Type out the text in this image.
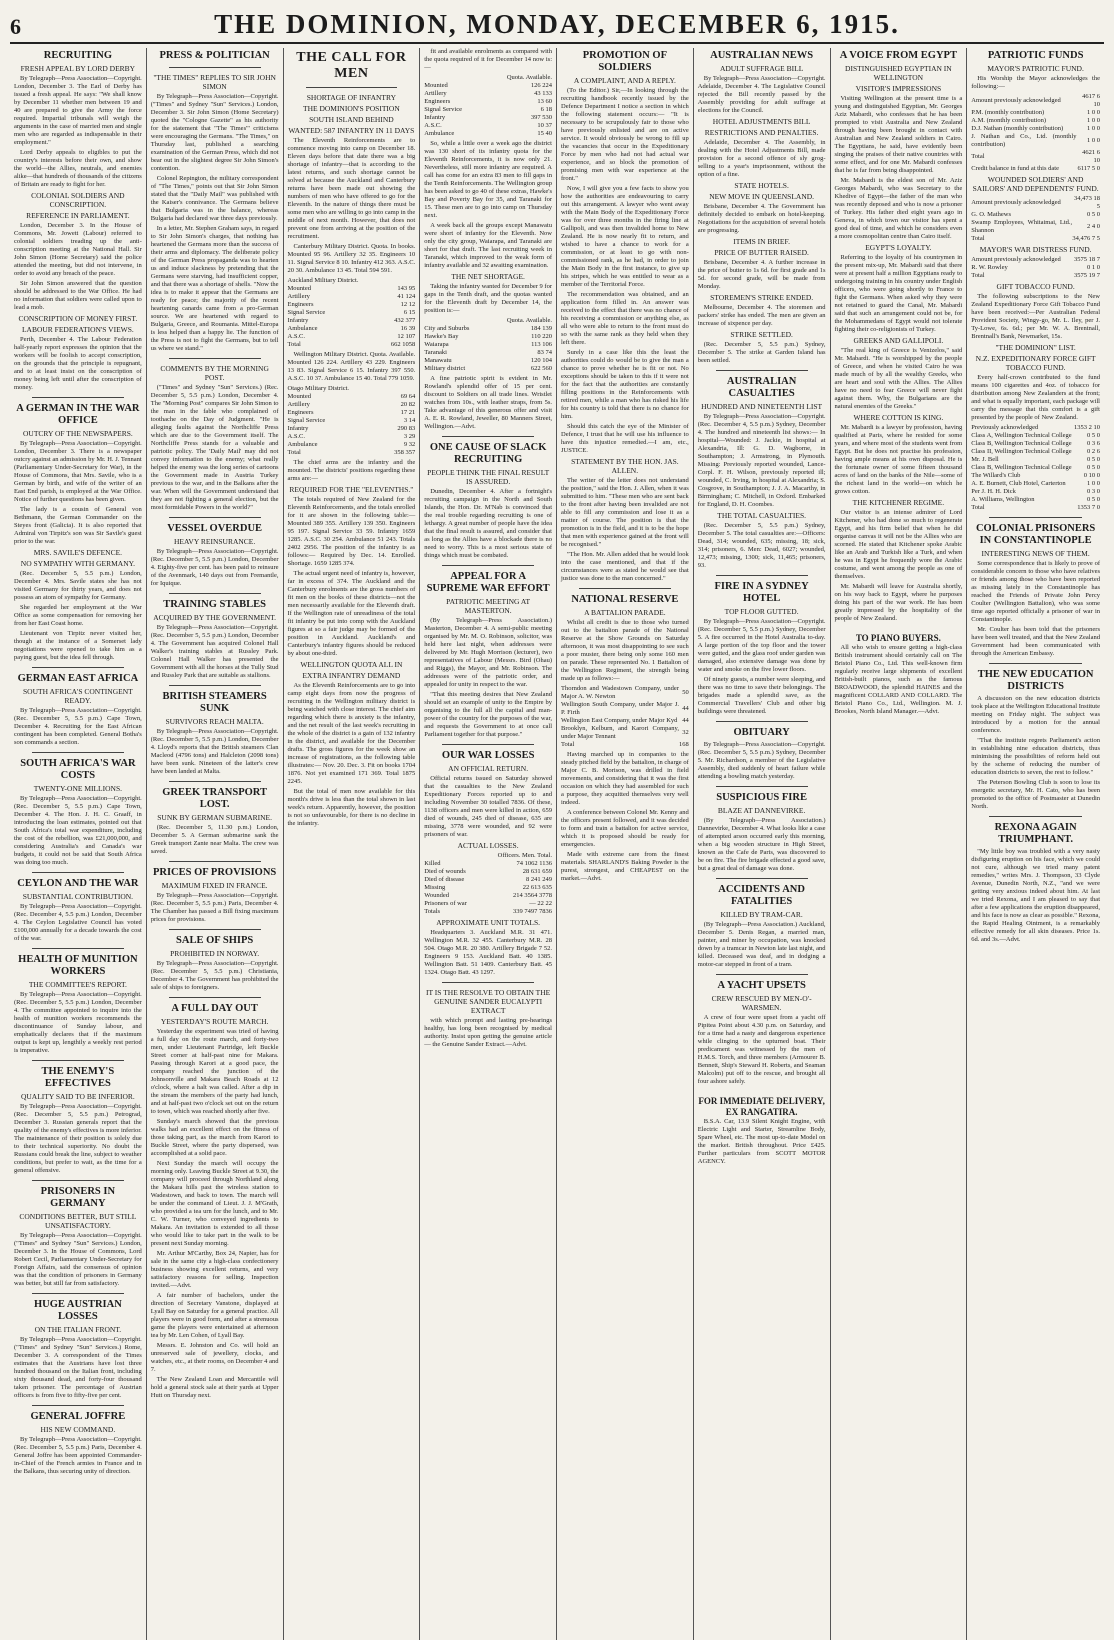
6	THE DOMINION, MONDAY, DECEMBER 6, 1915.
RECRUITING
FRESH APPEAL BY LORD DERBY
By Telegraph—Press Association—Copyright. London, December 3. The Earl of Derby has issued a fresh appeal. He says: "We shall know by December 11 whether men between 19 and 40 are prepared to give the Army the force required. Impartial tribunals will weigh the arguments in the case of married men and single men who are regarded as indispensable in their employment."
Lord Derby appeals to eligibles to put the country's interests before their own, and show the world—the Allies, neutrals, and enemies alike—that hundreds of thousands of the citizens of Britain are ready to fight for her.
COLONIAL SOLDIERS AND CONSCRIPTION.
REFERENCE IN PARLIAMENT.
London, December 3. In the House of Commons, Mr. Jowett (Labour) referred to colonial soldiers treading up the anti-conscription meeting at the National Hall. Sir John Simon (Home Secretary) said the police attended the meeting, but did not intervene, in order to avoid any breach of the peace.
Sir John Simon answered that the question should be addressed to the War Office. He had no information that soldiers were called upon to lead a mob.
CONSCRIPTION OF MONEY FIRST.
LABOUR FEDERATION'S VIEWS.
Perth, December 4. The Labour Federation half-yearly report expresses the opinion that the workers will be foolish to accept conscription, on the grounds that the principle is repugnant, and to at least insist on the conscription of money being left until after the conscription of money.
A GERMAN IN THE WAR OFFICE
OUTCRY OF THE NEWSPAPERS.
By Telegraph—Press Association—Copyright. London, December 3. There is a newspaper outcry against an admission by Mr. H. J. Tennant (Parliamentary Under-Secretary for War), in the House of Commons, that Mrs. Savile, who is a German by birth, and wife of the writer of an East End parish, is employed at the War Office. Notice of further questions has been given.
The lady is a cousin of General von Bethmann, the German Commander on the Steyes front (Galicia). It is also reported that Admiral von Tirpitz's son was Sir Savile's guest prior to the war.
MRS. SAVILE'S DEFENCE.
NO SYMPATHY WITH GERMANY.
(Rec. December 5, 5.5 p.m.) London, December 4. Mrs. Savile states she has not visited Germany for thirty years, and does not possess an atom of sympathy for Germany.
She regarded her employment at the War Office as some compensation for removing her from her East Coast home.
Lieutenant von Tirpitz never visited her, though at the instance of a Somerset lady negotiations were opened to take him as a paying guest, but the idea fell through.
GERMAN EAST AFRICA
SOUTH AFRICA'S CONTINGENT READY.
By Telegraph—Press Association—Copyright. (Rec. December 5, 5.5 p.m.) Cape Town, December 4. Recruiting for the East African contingent has been completed. General Botha's son commands a section.
SOUTH AFRICA'S WAR COSTS
TWENTY-ONE MILLIONS.
By Telegraph—Press Association—Copyright. (Rec. December 5, 5.5 p.m.) Cape Town, December 4. The Hon. J. H. C. Graaff, in introducing the loan estimates, pointed out that South Africa's total war expenditure, including the cost of the rebellion, was £21,000,000, and considering Australia's and Canada's war budgets, it could not be said that South Africa was doing too much.
CEYLON AND THE WAR
SUBSTANTIAL CONTRIBUTION.
By Telegraph—Press Association—Copyright. (Rec. December 4, 5.5 p.m.) London, December 4. The Ceylon Legislative Council has voted £100,000 annually for a decade towards the cost of the war.
HEALTH OF MUNITION WORKERS
THE COMMITTEE'S REPORT.
By Telegraph—Press Association—Copyright. (Rec. December 5, 5.5 p.m.) London, December 4. The committee appointed to inquire into the health of munition workers recommends the discontinuance of Sunday labour, and emphatically declares that if the maximum output is kept up, lengthily a weekly rest period is imperative.
THE ENEMY'S EFFECTIVES
QUALITY SAID TO BE INFERIOR.
By Telegraph—Press Association—Copyright. (Rec. December 5, 5.5 p.m.) Petrograd, December 3. Russian generals report that the quality of the enemy's effectives is more inferior. The maintenance of their position is solely due to their technical superiority. No doubt the Russians could break the line, subject to weather conditions, but prefer to wait, as the time for a general offensive.
PRISONERS IN GERMANY
CONDITIONS BETTER, BUT STILL UNSATISFACTORY.
By Telegraph—Press Association—Copyright. ("Times" and Sydney "Sun" Services.) London, December 3. In the House of Commons, Lord Robert Cecil, Parliamentary Under-Secretary for Foreign Affairs, said the consensus of opinion was that the condition of prisoners in Germany was better, but still far from satisfactory.
HUGE AUSTRIAN LOSSES
ON THE ITALIAN FRONT.
By Telegraph—Press Association—Copyright. ("Times" and Sydney "Sun" Services.) Rome, December 3. A correspondent of the Times estimates that the Austrians have lost three hundred thousand on the Italian front, including sixty thousand dead, and forty-four thousand taken prisoner. The percentage of Austrian officers is from five to fifty-five per cent.
GENERAL JOFFRE
HIS NEW COMMAND.
By Telegraph—Press Association—Copyright. (Rec. December 5, 5.5 p.m.) Paris, December 4. General Joffre has been appointed Commander-in-Chief of the French armies in France and in the Balkans, thus securing unity of direction.
PRESS & POLITICIAN
"THE TIMES" REPLIES TO SIR JOHN SIMON
By Telegraph—Press Association—Copyright. ("Times" and Sydney "Sun" Services.) London, December 3. Sir John Simon (Home Secretary) quoted the "Cologne Gazette" as his authority for the statement that "The Times'" criticisms were encouraging the Germans. "The Times," on Thursday last, published a searching examination of the German Press, which did not bear out in the slightest degree Sir John Simon's contention.
Colonel Repington, the military correspondent of "The Times," points out that Sir John Simon stated that the "Daily Mail" was published with the Kaiser's connivance. The Germans believe that Bulgaria was in the balance, whereas Bulgaria had declared war three days previously.
In a letter, Mr. Stephen Graham says, in regard to Sir John Simon's charges, that nothing has heartened the Germans more than the success of their arms and diplomacy. The deliberate policy of the German Press propaganda was to hearten us and induce slackness by pretending that the Germans were starving, had insufficient copper, and that there was a shortage of shells. "Now the idea is to make it appear that the Germans are ready for peace; the majority of the recent heartening canards came from a pro-German source. We are heartened with regard to Bulgaria, Greece, and Roumania. Mittel-Europa is less helped than a happy lie. The function of the Press is not to fight the Germans, but to tell us where we stand."
COMMENTS BY THE MORNING POST.
("Times" and Sydney "Sun" Services.) (Rec. December 5, 5.5 p.m.) London, December 4. The "Morning Post" compares Sir John Simon to the man in the fable who complained of toothache on the Day of Judgment. "He is alleging faults against the Northcliffe Press which are due to the Government itself. The Northcliffe Press stands for a valuable and patriotic policy. The 'Daily Mail' may did not convey information to the enemy; what really helped the enemy was the long series of cartoons the Government made in Austria Turkey previous to the war, and in the Balkans after the war. When will the Government understand that they are not fighting a general election, but the most formidable Powers in the world?"
VESSEL OVERDUE
HEAVY REINSURANCE.
By Telegraph—Press Association—Copyright. (Rec. December 5, 5.5 p.m.) London, December 4. Eighty-five per cent. has been paid to reinsure of the Avenmark, 140 days out from Fremantle, for Iquique.
TRAINING STABLES
ACQUIRED BY THE GOVERNMENT.
By Telegraph—Press Association—Copyright. (Rec. December 5, 5.5 p.m.) London, December 4. The Government has acquired Colonel Hall Walker's training stables at Russley Park. Colonel Hall Walker has presented the Government with all the horses at the Tully Stud and Russley Park that are suitable as stallions.
BRITISH STEAMERS SUNK
SURVIVORS REACH MALTA.
By Telegraph—Press Association—Copyright. (Rec. December 5, 5.5 p.m.) London, December 4. Lloyd's reports that the British steamers Clan Macleod (4796 tons) and Halcleton (2098 tons) have been sunk. Nineteen of the latter's crew have been landed at Malta.
GREEK TRANSPORT LOST.
SUNK BY GERMAN SUBMARINE.
(Rec. December 5, 11.30 p.m.) London, December 5. A German submarine sank the Greek transport Zante near Malta. The crew was saved.
PRICES OF PROVISIONS
MAXIMUM FIXED IN FRANCE.
By Telegraph—Press Association—Copyright. (Rec. December 5, 5.5 p.m.) Paris, December 4. The Chamber has passed a Bill fixing maximum prices for provisions.
SALE OF SHIPS
PROHIBITED IN NORWAY.
By Telegraph—Press Association—Copyright. (Rec. December 5, 5.5 p.m.) Christiania, December 4. The Government has prohibited the sale of ships to foreigners.
A FULL DAY OUT
YESTERDAY'S ROUTE MARCH.
Yesterday the experiment was tried of having a full day on the route march, and forty-two men, under Lieutenant Partridge, left Buckle Street corner at half-past nine for Makara. Passing through Karori at a good pace, the company reached the junction of the Johnsonville and Makara Beach Roads at 12 o'clock, where a halt was called. After a dip in the stream the members of the party had lunch, and at half-past two o'clock set out on the return to town, which was reached shortly after five.
Sunday's march showed that the previous walks had an excellent effect on the fitness of those taking part, as the march from Karori to Buckle Street, where the party dispersed, was accomplished at a solid pace.
Next Sunday the march will occupy the morning only. Leaving Buckle Street at 9.30, the company will proceed through Northland along the Makara hills past the wireless station to Wadestown, and back to town. The march will be under the command of Lieut. J. J. M'Grath, who provided a tea urn for the lunch, and to Mr. C. W. Turner, who conveyed ingredients to Makara. An invitation is extended to all those who would like to take part in the walk to be present next Sunday morning.
Mr. Arthur M'Carthy, Box 24, Napier, has for sale in the same city a high-class confectionery business showing excellent returns, and very satisfactory reasons for selling. Inspection invited.—Advt.
A fair number of bachelors, under the direction of Secretary Vanstone, displayed at Lyall Bay on Saturday for a general practice. All players were in good form, and after a strenuous game the players were entertained at afternoon tea by Mr. Len Cohen, of Lyall Bay.
Messrs. E. Johnston and Co. will hold an unreserved sale of jewellery, clocks, and watches, etc., at their rooms, on December 4 and 7.
The New Zealand Loan and Mercantile will hold a general stock sale at their yards at Upper Hutt on Thursday next.
THE CALL FOR MEN
SHORTAGE OF INFANTRY
THE DOMINION'S POSITION
SOUTH ISLAND BEHIND
WANTED: 587 INFANTRY IN 11 DAYS
The Eleventh Reinforcements are to commence moving into camp on December 18. Eleven days before that date there was a big shortage of infantry—that is according to the latest returns, and such shortage cannot be solved at because the Auckland and Canterbury returns have been made out showing the numbers of men who have offered to go for the Eleventh. In the nature of things there must be some men who are willing to go into camp in the middle of next month. However, that does not prevent one from arriving at the position of the recruitment.
Canterbury Military District. Quota. In books. Mounted 95 96. Artillery 32 35. Engineers 10 11. Signal Service 8 10. Infantry 412 363. A.S.C. 20 30. Ambulance 13 45. Total 594 591.
Auckland Military District.	
Mounted	143 95
Artillery	41 124
Engineers	12 12
Signal Service	6 15
Infantry	432 377
Ambulance	16 39
A.S.C.	12 107
Total	662 1058
Wellington Military District. Quota. Available. Mounted 126 224. Artillery 43 229. Engineers 13 83. Signal Service 6 15. Infantry 397 550. A.S.C. 10 37. Ambulance 15 40. Total 779 1059.
Otago Military District.	
Mounted	69 64
Artillery	20 82
Engineers	17 21
Signal Service	3 14
Infantry	290 83
A.S.C.	3 29
Ambulance	9 32
Total	358 357
The chief arms are the infantry and the mounted. The districts' positions regarding these arms are:—
REQUIRED FOR THE "ELEVENTHS."
The totals required of New Zealand for the Eleventh Reinforcements, and the totals enrolled for it are shown in the following table:— Mounted 389 355. Artillery 139 350. Engineers 95 197. Signal Service 33 59. Infantry 1659 1285. A.S.C. 30 254. Ambulance 51 243. Totals 2402 2956. The position of the infantry is as follows:— Required by Dec. 14. Enrolled. Shortage. 1659 1285 374.
The actual urgent need of infantry is, however, far in excess of 374. The Auckland and the Canterbury enrolments are the gross numbers of fit men on the books of these districts—not the men necessarily available for the Eleventh draft. If the Wellington rate of unreadiness of the total fit infantry be put into comp with the Auckland figures at so a fair judge may be formed of the position in Auckland. Auckland's and Canterbury's infantry figures should be reduced by about one-third.
WELLINGTON QUOTA ALL IN
EXTRA INFANTRY DEMAND
As the Eleventh Reinforcements are to go into camp eight days from now the progress of recruiting in the Wellington military district is being watched with close interest. The chief aim regarding which there is anxiety is the infantry, and the net result of the last week's recruiting in the whole of the district is a gain of 132 infantry in the district, and available for the December drafts. The gross figures for the week show an increase of registrations, as the following table illustrates:— Nov. 20. Dec. 3. Fit on books 1704 1876. Not yet examined 171 369. Total 1875 2245.
But the total of men now available for this month's drive is less than the total shown in last week's return. Apparently, however, the position is not so unfavourable, for there is no decline in the infantry.
fit and available enrolments as compared with the quota required of it for December 14 now is:—
	Quota. Available.
Mounted	126 224
Artillery	43 133
Engineers	13 60
Signal Service	6 18
Infantry	397 530
A.S.C.	10 37
Ambulance	15 40
So, while a little over a week ago the district was 130 short of its infantry quota for the Eleventh Reinforcements, it is now only 21. Nevertheless, still more infantry are required. A call has come for an extra 83 men to fill gaps in the Tenth Reinforcements. The Wellington group has been asked to go 40 of these extras, Hawke's Bay and Poverty Bay for 35, and Taranaki for 15. These men are to go into camp on Thursday next.
A week back all the groups except Manawatu were short of infantry for the Eleventh. Now only the city group, Waiarapa, and Taranaki are short for that draft. The last recruiting week in Taranaki, which improved to the weak form of infantry available and 32 awaiting examination.
THE NET SHORTAGE.
Taking the infantry wanted for December 9 for gaps in the Tenth draft, and the quotas wanted for the Eleventh draft by December 14, the position is:—
	Quota. Available.
City and Suburbs	184 139
Hawke's Bay	110 220
Waiarapa	113 106
Taranaki	83 74
Manawatu	120 104
Military district	622 560
A fine patriotic spirit is evident in Mr. Rowland's splendid offer of 15 per cent. discount to Soldiers on all trade lines. Wristlet watches from 10s., with leather straps, from 5s. Take advantage of this generous offer and visit A. E. R. Rowland, Jeweller, 80 Manners Street, Wellington.—Advt.
ONE CAUSE OF SLACK RECRUITING
PEOPLE THINK THE FINAL RESULT IS ASSURED.
Dunedin, December 4. After a fortnight's recruiting campaign in the North and South Islands, the Hon. Dr. M'Nab is convinced that the real trouble regarding recruiting is one of lethargy. A great number of people have the idea that the final result is assured, and consider that as long as the Allies have a blockade there is no need to worry. This is a most serious state of things which must be combated.
APPEAL FOR A SUPREME WAR EFFORT
PATRIOTIC MEETING AT MASTERTON.
(By Telegraph—Press Association.) Masterton, December 4. A semi-public meeting organised by Mr. M. O. Robinson, solicitor, was held here last night, when addresses were delivered by Mr. Hugh Morrison (lecturer), two representatives of Labour (Messrs. Bird (Ohau) and Riggs), the Mayor, and Mr. Robinson. The addresses were of the patriotic order, and appealed for unity in respect to the war.
"That this meeting desires that New Zealand should set an example of unity to the Empire by organising to the full all the capital and man-power of the country for the purposes of the war, and requests the Government to at once call Parliament together for that purpose."
OUR WAR LOSSES
AN OFFICIAL RETURN.
Official returns issued on Saturday showed that the casualties to the New Zealand Expeditionary Forces reported up to and including November 30 totalled 7836. Of these, 1138 officers and men were killed in action, 659 died of wounds, 245 died of disease, 635 are missing, 3778 were wounded, and 92 were prisoners of war.
ACTUAL LOSSES.
	Officers. Men. Total.
Killed	74 1062 1136
Died of wounds	28 631 659
Died of disease	8 241 249
Missing	22 613 635
Wounded	214 3564 3778
Prisoners of war	— 22 22
Totals	339 7497 7836
APPROXIMATE UNIT TOTALS.
Headquarters 3. Auckland M.R. 31 471. Wellington M.R. 32 455. Canterbury M.R. 28 504. Otago M.R. 20 380. Artillery Brigade 7 52. Engineers 9 153. Auckland Batt. 40 1385. Wellington Batt. 51 1409. Canterbury Batt. 45 1324. Otago Batt. 43 1297.
IT IS THE RESOLVE TO OBTAIN THE GENUINE SANDER EUCALYPTI EXTRACT
with which prompt and lasting pre-hearings healthy, has long been recognised by medical authority. Insist upon getting the genuine article — the Genuine Sander Extract.—Advt.
PROMOTION OF SOLDIERS
A COMPLAINT, AND A REPLY.
(To the Editor.) Sir,—In looking through the recruiting handbook recently issued by the Defence Department I notice a section in which the following statement occurs:— "It is necessary to be scrupulously fair to those who have previously enlisted and are on active service. It would obviously be wrong to fill up the vacancies that occur in the Expeditionary Force by men who had not had actual war experience, and so block the promotion of promising men with war experience at the front."
Now, I will give you a few facts to show you how the authorities are endeavouring to carry out this arrangement. A lawyer who went away with the Main Body of the Expeditionary Force was for over three months in the firing line at Gallipoli, and was then invalided home to New Zealand. He is now nearly fit to return, and wished to have a chance to work for a commission, or at least to go with non-commissioned rank, as he had, in order to join the Main Body in the first instance, to give up his stripes, which he was entitled to wear as a member of the Territorial Force.
The recommendation was obtained, and an application form filled in. An answer was received to the effect that there was no chance of his receiving a commission or anything else, as all who were able to return to the front must do so with the same rank as they held when they left there.
Surely in a case like this the least the authorities could do would be to give the man a chance to prove whether he is fit or not. No exceptions should be taken to this if it were not for the fact that the authorities are constantly filling positions in the Reinforcements with retired men, while a man who has risked his life for his country is told that there is no chance for him.
Should this catch the eye of the Minister of Defence, I trust that he will use his influence to have this injustice remedied.—I am, etc., JUSTICE.
STATEMENT BY THE HON. JAS. ALLEN.
The writer of the letter does not understand the position," said the Hon. J. Allen, when it was submitted to him. "These men who are sent back to the front after having been invalided are not able to fill any commission and lose it as a matter of course. The position is that the promotion is in the field, and it is to be the hope that men with experience gained at the front will be recognised."
"The Hon. Mr. Allen added that he would look into the case mentioned, and that if the circumstances were as stated he would see that justice was done to the man concerned."
NATIONAL RESERVE
A BATTALION PARADE.
Whilst all credit is due to those who turned out to the battalion parade of the National Reserve at the Show Grounds on Saturday afternoon, it was most disappointing to see such a poor muster, there being only some 160 men on parade. These represented No. 1 Battalion of the Wellington Regiment, the strength being made up as follows:—
Thorndon and Wadestown Company, under Major A. W. Newton	50
Wellington South Company, under Major J. P. Firth	44
Wellington East Company, under Major Kyd	44
Brooklyn, Kelburn, and Karori Company, under Major Tennant	32
Total	168
Having marched up in companies to the steady pitched field by the battalion, in charge of Major C. B. Morison, was drilled in field movements, and considering that it was the first occasion on which they had assembled for such a purpose, they acquitted themselves very well indeed.
A conference between Colonel Mr. Kenny and the officers present followed, and it was decided to form and train a battalion for active service, which it is proposed should be ready for emergencies.
Made with extreme care from the finest materials. SHARLAND'S Baking Powder is the purest, strongest, and CHEAPEST on the market.—Advt.
AUSTRALIAN NEWS
ADULT SUFFRAGE BILL
By Telegraph—Press Association—Copyright. Adelaide, December 4. The Legislative Council rejected the Bill recently passed by the Assembly providing for adult suffrage at elections for the Council.
HOTEL ADJUSTMENTS BILL
RESTRICTIONS AND PENALTIES.
Adelaide, December 4. The Assembly, in dealing with the Hotel Adjustments Bill, made provision for a second offence of sly grog-selling to a year's imprisonment, without the option of a fine.
STATE HOTELS.
NEW MOVE IN QUEENSLAND.
Brisbane, December 4. The Government has definitely decided to embark on hotel-keeping. Negotiations for the acquisition of several hotels are progressing.
ITEMS IN BRIEF.
PRICE OF BUTTER RAISED.
Brisbane, December 4. A further increase in the price of butter to 1s 6d. for first grade and 1s 5d. for second grade, will be made from Monday.
STOREMEN'S STRIKE ENDED.
Melbourne, December 4. The storemen and packers' strike has ended. The men are given an increase of sixpence per day.
STRIKE SETTLED.
(Rec. December 5, 5.5 p.m.) Sydney, December 5. The strike at Garden Island has been settled.
AUSTRALIAN CASUALTIES
HUNDRED AND NINETEENTH LIST
By Telegraph—Press Association—Copyright. (Rec. December 4, 5.5 p.m.) Sydney, December 4. The hundred and nineteenth list shows:— In hospital—Wounded: J. Jackie, in hospital at Alexandria, Ill: G. D. Wagborne, in Southampton; J. Armstrong, in Plymouth. Missing: Previously reported wounded, Lance-Corpl. F. H. Wilson, previously reported ill; wounded, C. Irving, in hospital at Alexandria; S. Cosgrove, in Southampton; J. J. A. Macarthy, in Birmingham; C. Mitchell, in Oxford. Embarked for England, D. H. Coombes.
THE TOTAL CASUALTIES.
(Rec. December 5, 5.5 p.m.) Sydney, December 5. The total casualties are:—Officers: Dead, 314; wounded, 635; missing, 18; sick, 314; prisoners, 6. Men: Dead, 6027; wounded, 12,473; missing, 1300; sick, 11,465; prisoners, 93.
FIRE IN A SYDNEY HOTEL
TOP FLOOR GUTTED.
By Telegraph—Press Association—Copyright. (Rec. December 5, 5.5 p.m.) Sydney, December 5. A fire occurred in the Hotel Australia to-day. A large portion of the top floor and the tower were gutted, and the glass roof under garden was damaged, also extensive damage was done by water and smoke on the five lower floors.
Of ninety guests, a number were sleeping, and there was no time to save their belongings. The brigades made a splendid save, as the Commercial Travellers' Club and other big buildings were threatened.
OBITUARY
By Telegraph—Press Association—Copyright. (Rec. December 5, 5.5 p.m.) Sydney, December 5. Mr. Richardson, a member of the Legislative Assembly, died suddenly of heart failure while attending a bowling match yesterday.
SUSPICIOUS FIRE
BLAZE AT DANNEVIRKE.
(By Telegraph—Press Association.) Dannevirke, December 4. What looks like a case of attempted arson occurred early this morning, when a big wooden structure in High Street, known as the Cafe de Paris, was discovered to be on fire. The fire brigade effected a good save, but a great deal of damage was done.
ACCIDENTS AND FATALITIES
KILLED BY TRAM-CAR.
(By Telegraph—Press Association.) Auckland, December 5. Denis Regan, a married man, painter, and miner by occupation, was knocked down by a tramcar in Newton late last night, and killed. Deceased was deaf, and in dodging a motor-car stepped in front of a tram.
A YACHT UPSETS
CREW RESCUED BY MEN-O'-WARSMEN.
A crew of four were upset from a yacht off Pipitea Point about 4.30 p.m. on Saturday, and for a time had a nasty and dangerous experience while clinging to the upturned boat. Their predicament was witnessed by the men of H.M.S. Torch, and three members (Armourer B. Bennett, Ship's Steward H. Roberts, and Seaman Malcolm) put off to the rescue, and brought all four ashore safely.
FOR IMMEDIATE DELIVERY, EX RANGATIRA.
B.S.A. Car, 13.9 Silent Knight Engine, with Electric Light and Starter, Streamline Body, Spare Wheel, etc. The most up-to-date Model on the market. British throughout. Price £425. Further particulars from SCOTT MOTOR AGENCY.
A VOICE FROM EGYPT
DISTINGUISHED EGYPTIAN IN WELLINGTON
VISITOR'S IMPRESSIONS
Visiting Wellington at the present time is a young and distinguished Egyptian, Mr. Georges Aziz Mabardi, who confesses that he has been prompted to visit Australia and New Zealand through having been brought in contact with Australian and New Zealand soldiers in Cairo. The Egyptians, he said, have evidently been singing the praises of their native countries with some effect, and for one Mr. Mabardi confesses that he is far from being disappointed.
Mr. Mabardi is the eldest son of Mr. Aziz Georges Mabardi, who was Secretary to the Khedive of Egypt—the father of the man who was recently deposed and who is now a prisoner of Turkey. His father died eight years ago in Geneva, in which town our visitor has spent a good deal of time, and which he considers even a more cosmopolitan centre than Cairo itself.
EGYPT'S LOYALTY.
Referring to the loyalty of his countrymen in the present mix-up, Mr. Mabardi said that there were at present half a million Egyptians ready to undergoing training in his country under English officers, who were going shortly to France to fight the Germans. When asked why they were not retained to guard the Canal, Mr. Mabardi said that such an arrangement could not be, for the Mohammedans of Egypt would not tolerate fighting their co-religionists of Turkey.
GREEKS AND GALLIPOLI.
"The real king of Greece is Venizelos," said Mr. Mabardi. "He is worshipped by the people of Greece, and when he visited Cairo he was made much of by all the wealthy Greeks, who are heart and soul with the Allies. The Allies have no need to fear Greece will never fight against them. Why, the Bulgarians are the natural enemies of the Greeks."
WHERE COTTON IS KING.
Mr. Mabardi is a lawyer by profession, having qualified at Paris, where he resided for some years, and where most of the students went from Egypt. But he does not practise his profession, having ample means at his own disposal. He is the fortunate owner of some fifteen thousand acres of land on the banks of the Nile—some of the richest land in the world—on which he grows cotton.
THE KITCHENER REGIME.
Our visitor is an intense admirer of Lord Kitchener, who had done so much to regenerate Egypt, and his firm belief that when he did organise canvas it will not be the Allies who are scorned. He stated that Kitchener spoke Arabic like an Arab and Turkish like a Turk, and when he was in Egypt he frequently wore the Arabic costume, and went among the people as one of themselves.
Mr. Mabardi will leave for Australia shortly, on his way back to Egypt, where he purposes doing his part of the war work. He has been greatly impressed by the hospitality of the people of New Zealand.
TO PIANO BUYERS.
All who wish to ensure getting a high-class British instrument should certainly call on The Bristol Piano Co., Ltd. This well-known firm regularly receive large shipments of excellent British-built pianos, such as the famous BROADWOOD, the splendid HAINES and the magnificent COLLARD AND COLLARD. The Bristol Piano Co., Ltd., Wellington. M. J. Brookes, North Island Manager.—Advt.
PATRIOTIC FUNDS
MAYOR'S PATRIOTIC FUND.
His Worship the Mayor acknowledges the following:—
Amount previously acknowledged	4617 6 10
P.M. (monthly contribution)	1 0 0
A.M. (monthly contribution)	1 0 0
D.J. Nathan (monthly contribution)	1 0 0
J. Nathan and Co., Ltd. (monthly contribution)	1 0 0
Total	4621 6 10
Credit balance in fund at this date	6117 5 0
WOUNDED SOLDIERS' AND SAILORS' AND DEPENDENTS' FUND.
Amount previously acknowledged	34,473 18 5
G. O. Mathews	0 5 0
Swamp Employees, Whitaimai, Ltd., Shannon	2 4 0
Total	34,476 7 5
MAYOR'S WAR DISTRESS FUND.
Amount previously acknowledged	3575 18 7
R. W. Rowley	0 1 0
Total	3575 19 7
GIFT TOBACCO FUND.
The following subscriptions to the New Zealand Expeditionary Force Gift Tobacco Fund have been received:—Per Australian Federal Provident Society, Wingy-go, Mr. L. Iley, per J. Ty-Lowe, 6s. 6d.; per Mr. W. A. Brentnall, Brentnall's Bank, Newmarket, 15s.
"THE DOMINION" LIST.
N.Z. EXPEDITIONARY FORCE GIFT TOBACCO FUND.
Every half-crown contributed to the fund means 100 cigarettes and 4oz. of tobacco for distribution among New Zealanders at the front; and what is equally important, each package will carry the message that this comfort is a gift presented by the people of New Zealand.
Previously acknowledged	1353 2 10
Class A, Wellington Technical College	0 5 0
Class B, Wellington Technical College	0 3 6
Class II, Wellington Technical College	0 2 6
Mr. J. Bell	0 5 0
Class B, Wellington Technical College	0 5 0
The Willard's Club	0 10 0
A. E. Burnett, Club Hotel, Carterton	1 0 0
Per J. H. H. Dick	0 3 0
A. Williams, Wellington	0 5 0
Total	1353 7 0
COLONIAL PRISONERS IN CONSTANTINOPLE
INTERESTING NEWS OF THEM.
Some correspondence that is likely to prove of considerable concern to those who have relatives or friends among those who have been reported as missing lately in the Constantinople has reached the Friends of Private John Percy Coulter (Wellington Battalion), who was some time ago reported officially a prisoner of war in Constantinople.
Mr. Coulter has been told that the prisoners have been well treated, and that the New Zealand Government had been communicated with through the American Embassy.
THE NEW EDUCATION DISTRICTS
A discussion on the new education districts took place at the Wellington Educational Institute meeting on Friday night. The subject was introduced by a motion for the annual conference.
"That the institute regrets Parliament's action in establishing nine education districts, thus minimising the possibilities of reform held out by the scheme of reducing the number of education districts to seven, the rest to follow."
The Peterson Bowling Club is soon to lose its energetic secretary, Mr. H. Cato, who has been promoted to the office of Postmaster at Dunedin North.
REXONA AGAIN TRIUMPHANT.
"My little boy was troubled with a very nasty disfiguring eruption on his face, which we could not cure, although we tried many patent remedies," writes Mrs. J. Thompson, 33 Clyde Avenue, Dunedin North, N.Z., "and we were getting very anxious indeed about him. At last we tried Rexona, and I am pleased to say that after a few applications the eruption disappeared, and his face is now as clear as possible." Rexona, the Rapid Healing Ointment, is a remarkably effective remedy for all skin diseases. Price 1s. 6d. and 3s.—Advt.
